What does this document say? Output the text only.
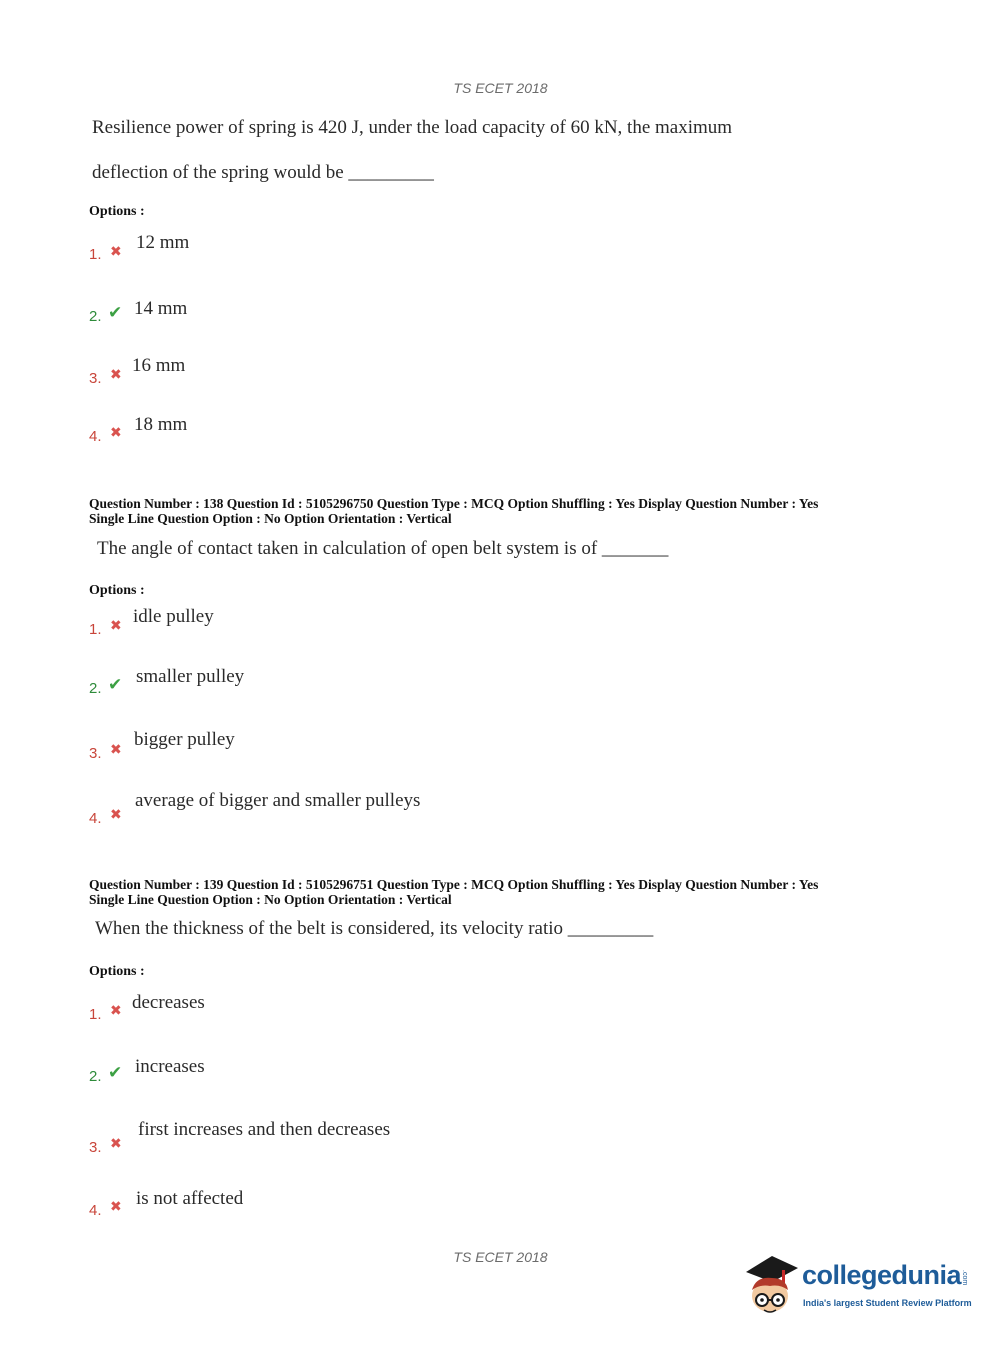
TS ECET 2018
Resilience power of spring is 420 J, under the load capacity of 60 kN, the maximum
deflection of the spring would be _________
Options :
1. ✖ 12 mm
2. ✔ 14 mm
3. ✖ 16 mm
4. ✖ 18 mm
Question Number : 138 Question Id : 5105296750 Question Type : MCQ Option Shuffling : Yes Display Question Number : Yes
Single Line Question Option : No Option Orientation : Vertical
The angle of contact taken in calculation of open belt system is of _______
Options :
1. ✖ idle pulley
2. ✔ smaller pulley
3. ✖ bigger pulley
4. ✖
average of bigger and smaller pulleys
Question Number : 139 Question Id : 5105296751 Question Type : MCQ Option Shuffling : Yes Display Question Number : Yes
Single Line Question Option : No Option Orientation : Vertical
When the thickness of the belt is considered, its velocity ratio _________
Options :
1. ✖ decreases
2. ✔ increases
3. ✖
first increases and then decreases
4. ✖ is not affected
TS ECET 2018
collegedunia .com
India's largest Student Review Platform
